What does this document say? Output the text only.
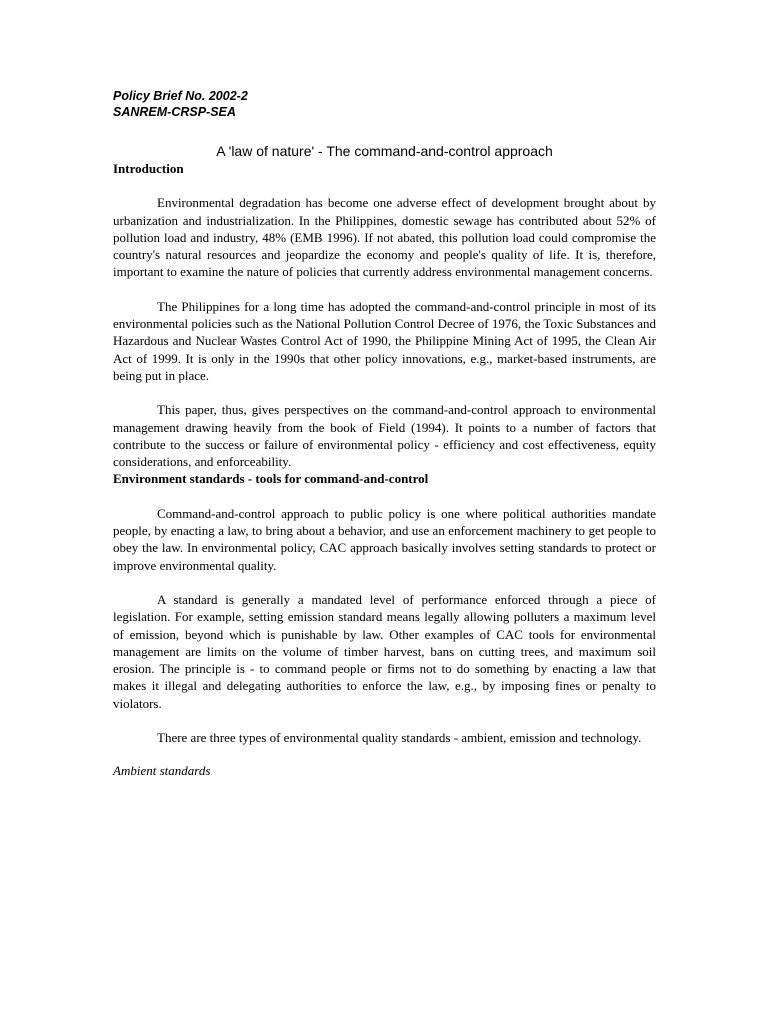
Policy Brief No. 2002-2
SANREM-CRSP-SEA
A 'law of nature' - The command-and-control approach
Introduction

Environmental degradation has become one adverse effect of development brought about by urbanization and industrialization. In the Philippines, domestic sewage has contributed about 52% of pollution load and industry, 48% (EMB 1996). If not abated, this pollution load could compromise the country's natural resources and jeopardize the economy and people's quality of life. It is, therefore, important to examine the nature of policies that currently address environmental management concerns.

The Philippines for a long time has adopted the command-and-control principle in most of its environmental policies such as the National Pollution Control Decree of 1976, the Toxic Substances and Hazardous and Nuclear Wastes Control Act of 1990, the Philippine Mining Act of 1995, the Clean Air Act of 1999. It is only in the 1990s that other policy innovations, e.g., market-based instruments, are being put in place.

This paper, thus, gives perspectives on the command-and-control approach to environmental management drawing heavily from the book of Field (1994). It points to a number of factors that contribute to the success or failure of environmental policy - efficiency and cost effectiveness, equity considerations, and enforceability.

Environment standards - tools for command-and-control

Command-and-control approach to public policy is one where political authorities mandate people, by enacting a law, to bring about a behavior, and use an enforcement machinery to get people to obey the law. In environmental policy, CAC approach basically involves setting standards to protect or improve environmental quality.

A standard is generally a mandated level of performance enforced through a piece of legislation. For example, setting emission standard means legally allowing polluters a maximum level of emission, beyond which is punishable by law. Other examples of CAC tools for environmental management are limits on the volume of timber harvest, bans on cutting trees, and maximum soil erosion. The principle is - to command people or firms not to do something by enacting a law that makes it illegal and delegating authorities to enforce the law, e.g., by imposing fines or penalty to violators.

There are three types of environmental quality standards - ambient, emission and technology.

Ambient standards
